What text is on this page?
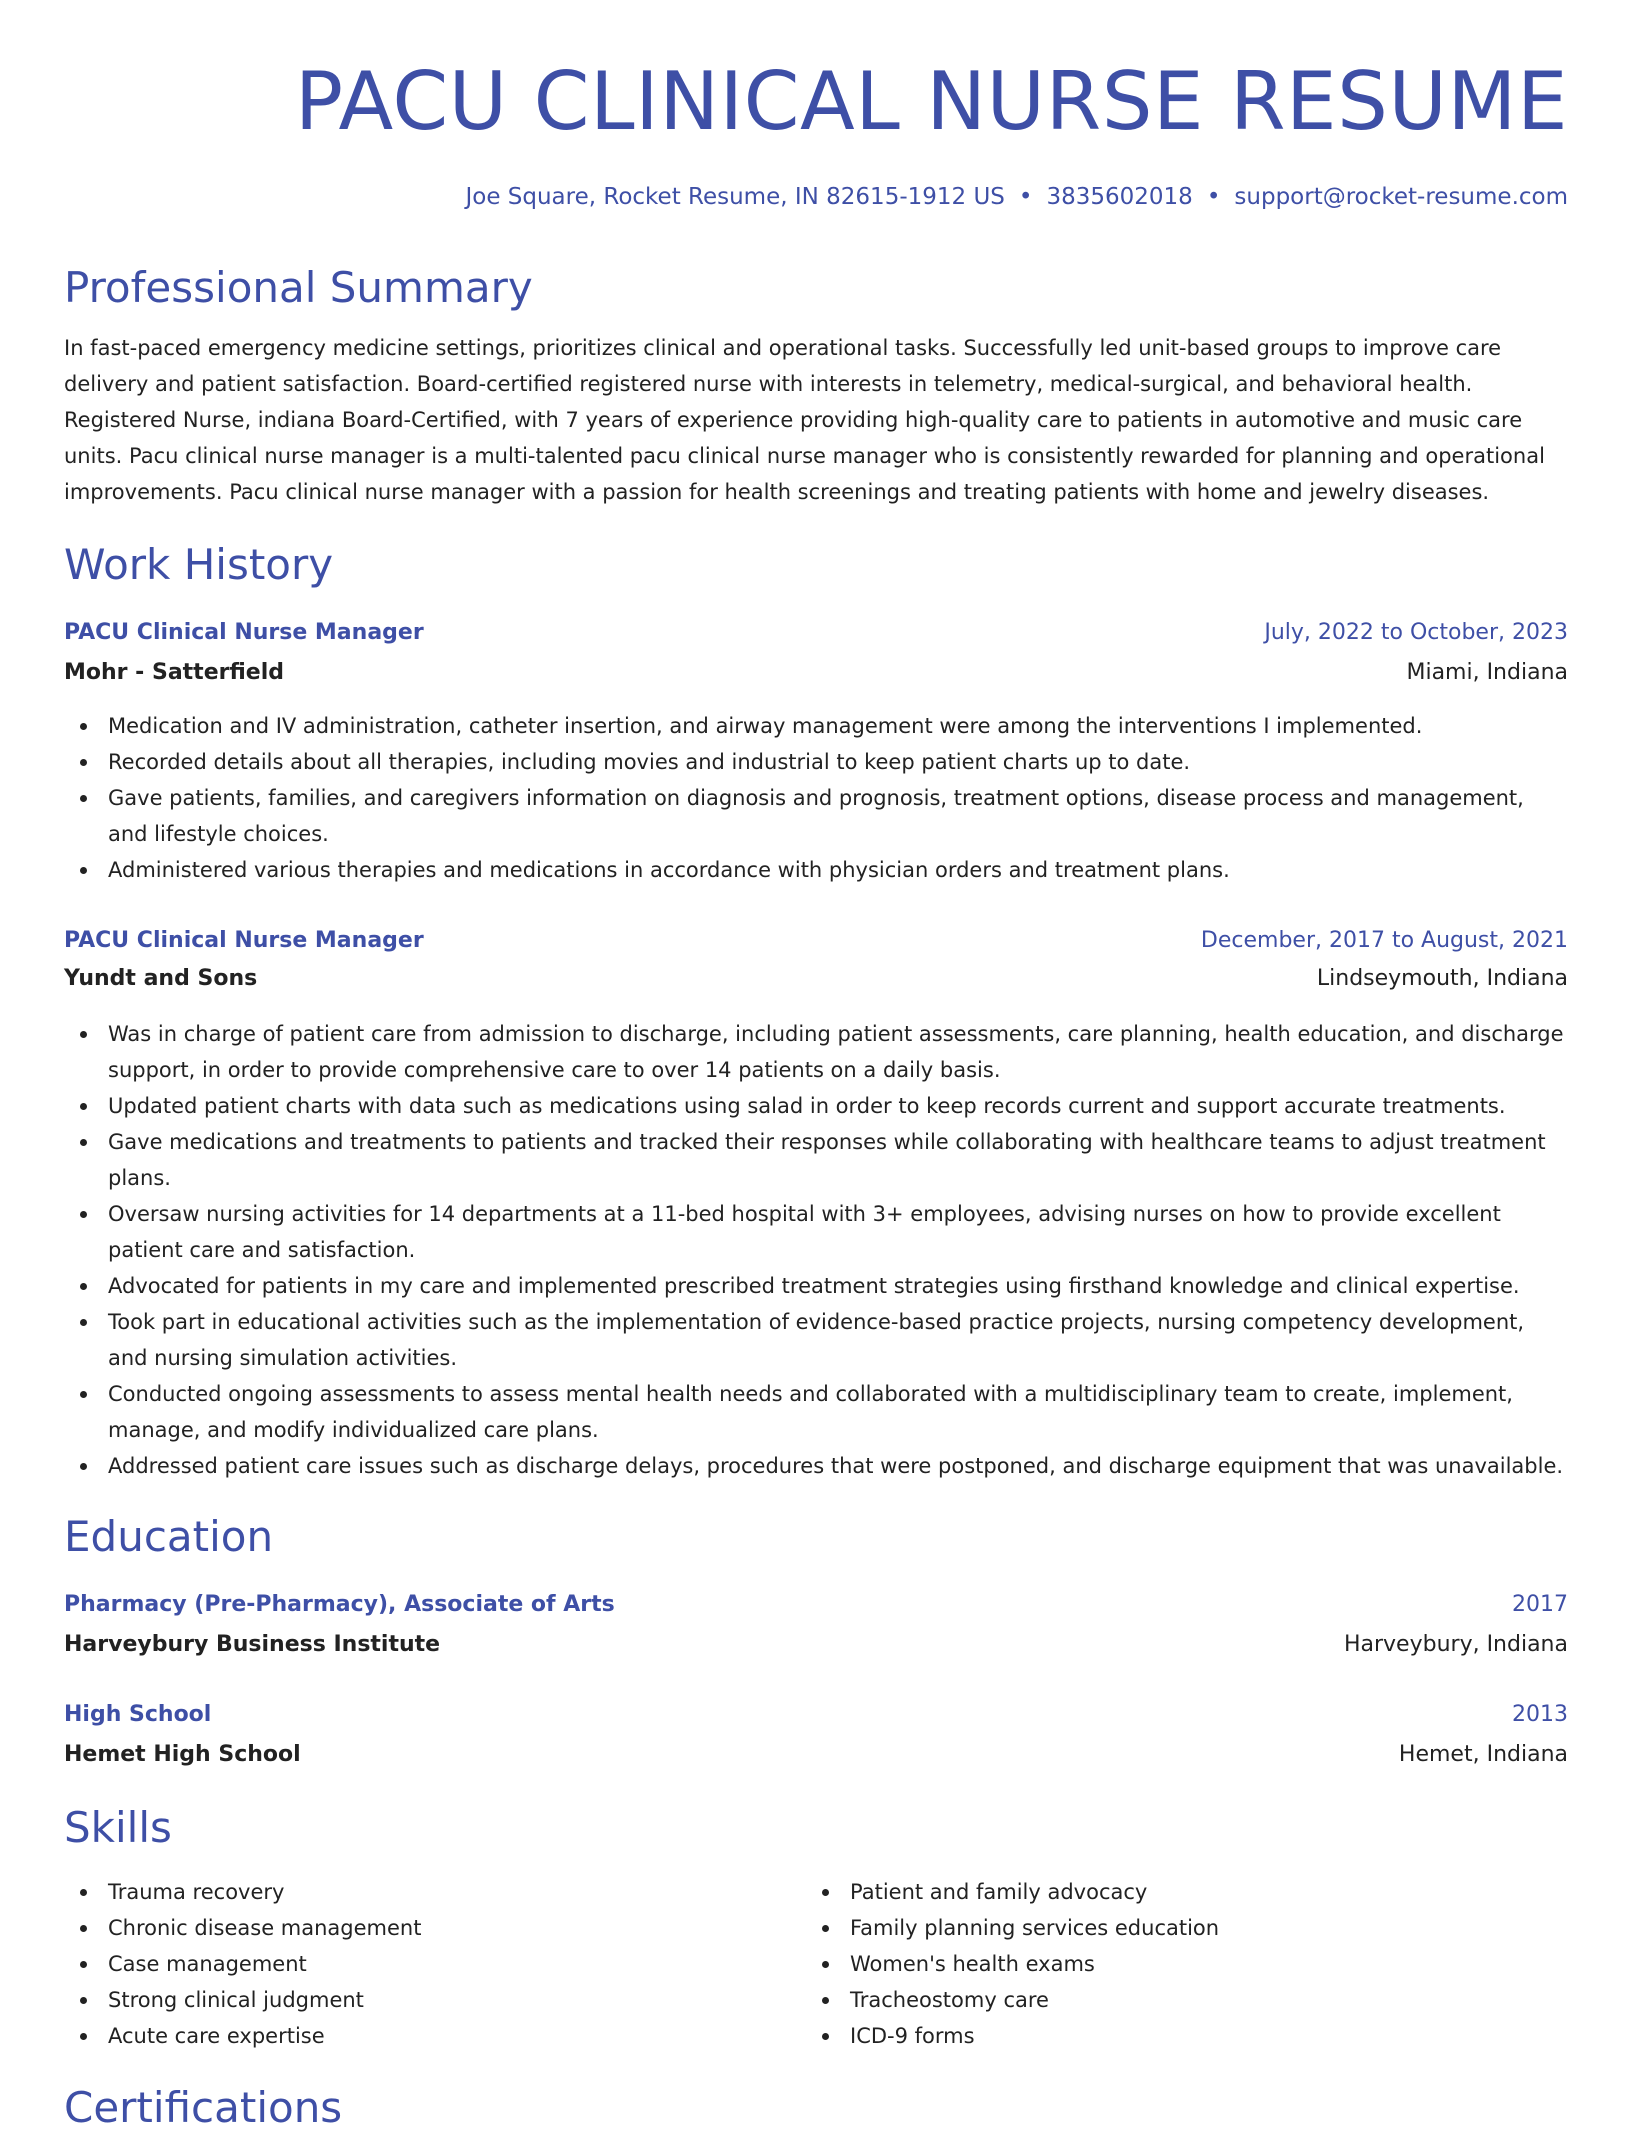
PACU CLINICAL NURSE RESUME
Joe Square, Rocket Resume, IN 82615-1912 US • 3835602018 • support@rocket-resume.com
Professional Summary

In fast-paced emergency medicine settings, prioritizes clinical and operational tasks. Successfully led unit-based groups to improve care delivery and patient satisfaction. Board-certified registered nurse with interests in telemetry, medical-surgical, and behavioral health. Registered Nurse, indiana Board-Certified, with 7 years of experience providing high-quality care to patients in automotive and music care units. Pacu clinical nurse manager is a multi-talented pacu clinical nurse manager who is consistently rewarded for planning and operational improvements. Pacu clinical nurse manager with a passion for health screenings and treating patients with home and jewelry diseases.

Work History
PACU Clinical Nurse Manager	July, 2022 to October, 2023
Mohr - Satterfield	Miami, Indiana
Medication and IV administration, catheter insertion, and airway management were among the interventions I implemented.
Recorded details about all therapies, including movies and industrial to keep patient charts up to date.
Gave patients, families, and caregivers information on diagnosis and prognosis, treatment options, disease process and management, and lifestyle choices.
Administered various therapies and medications in accordance with physician orders and treatment plans.
PACU Clinical Nurse Manager	December, 2017 to August, 2021
Yundt and Sons	Lindseymouth, Indiana
Was in charge of patient care from admission to discharge, including patient assessments, care planning, health education, and discharge support, in order to provide comprehensive care to over 14 patients on a daily basis.
Updated patient charts with data such as medications using salad in order to keep records current and support accurate treatments.
Gave medications and treatments to patients and tracked their responses while collaborating with healthcare teams to adjust treatment plans.
Oversaw nursing activities for 14 departments at a 11-bed hospital with 3+ employees, advising nurses on how to provide excellent patient care and satisfaction.
Advocated for patients in my care and implemented prescribed treatment strategies using firsthand knowledge and clinical expertise.
Took part in educational activities such as the implementation of evidence-based practice projects, nursing competency development, and nursing simulation activities.
Conducted ongoing assessments to assess mental health needs and collaborated with a multidisciplinary team to create, implement, manage, and modify individualized care plans.
Addressed patient care issues such as discharge delays, procedures that were postponed, and discharge equipment that was unavailable.
Education
Pharmacy (Pre-Pharmacy), Associate of Arts	2017
Harveybury Business Institute	Harveybury, Indiana
High School	2013
Hemet High School	Hemet, Indiana
Skills
Trauma recovery
Chronic disease management
Case management
Strong clinical judgment
Acute care expertise
Patient and family advocacy
Family planning services education
Women's health exams
Tracheostomy care
ICD-9 forms
Certifications
